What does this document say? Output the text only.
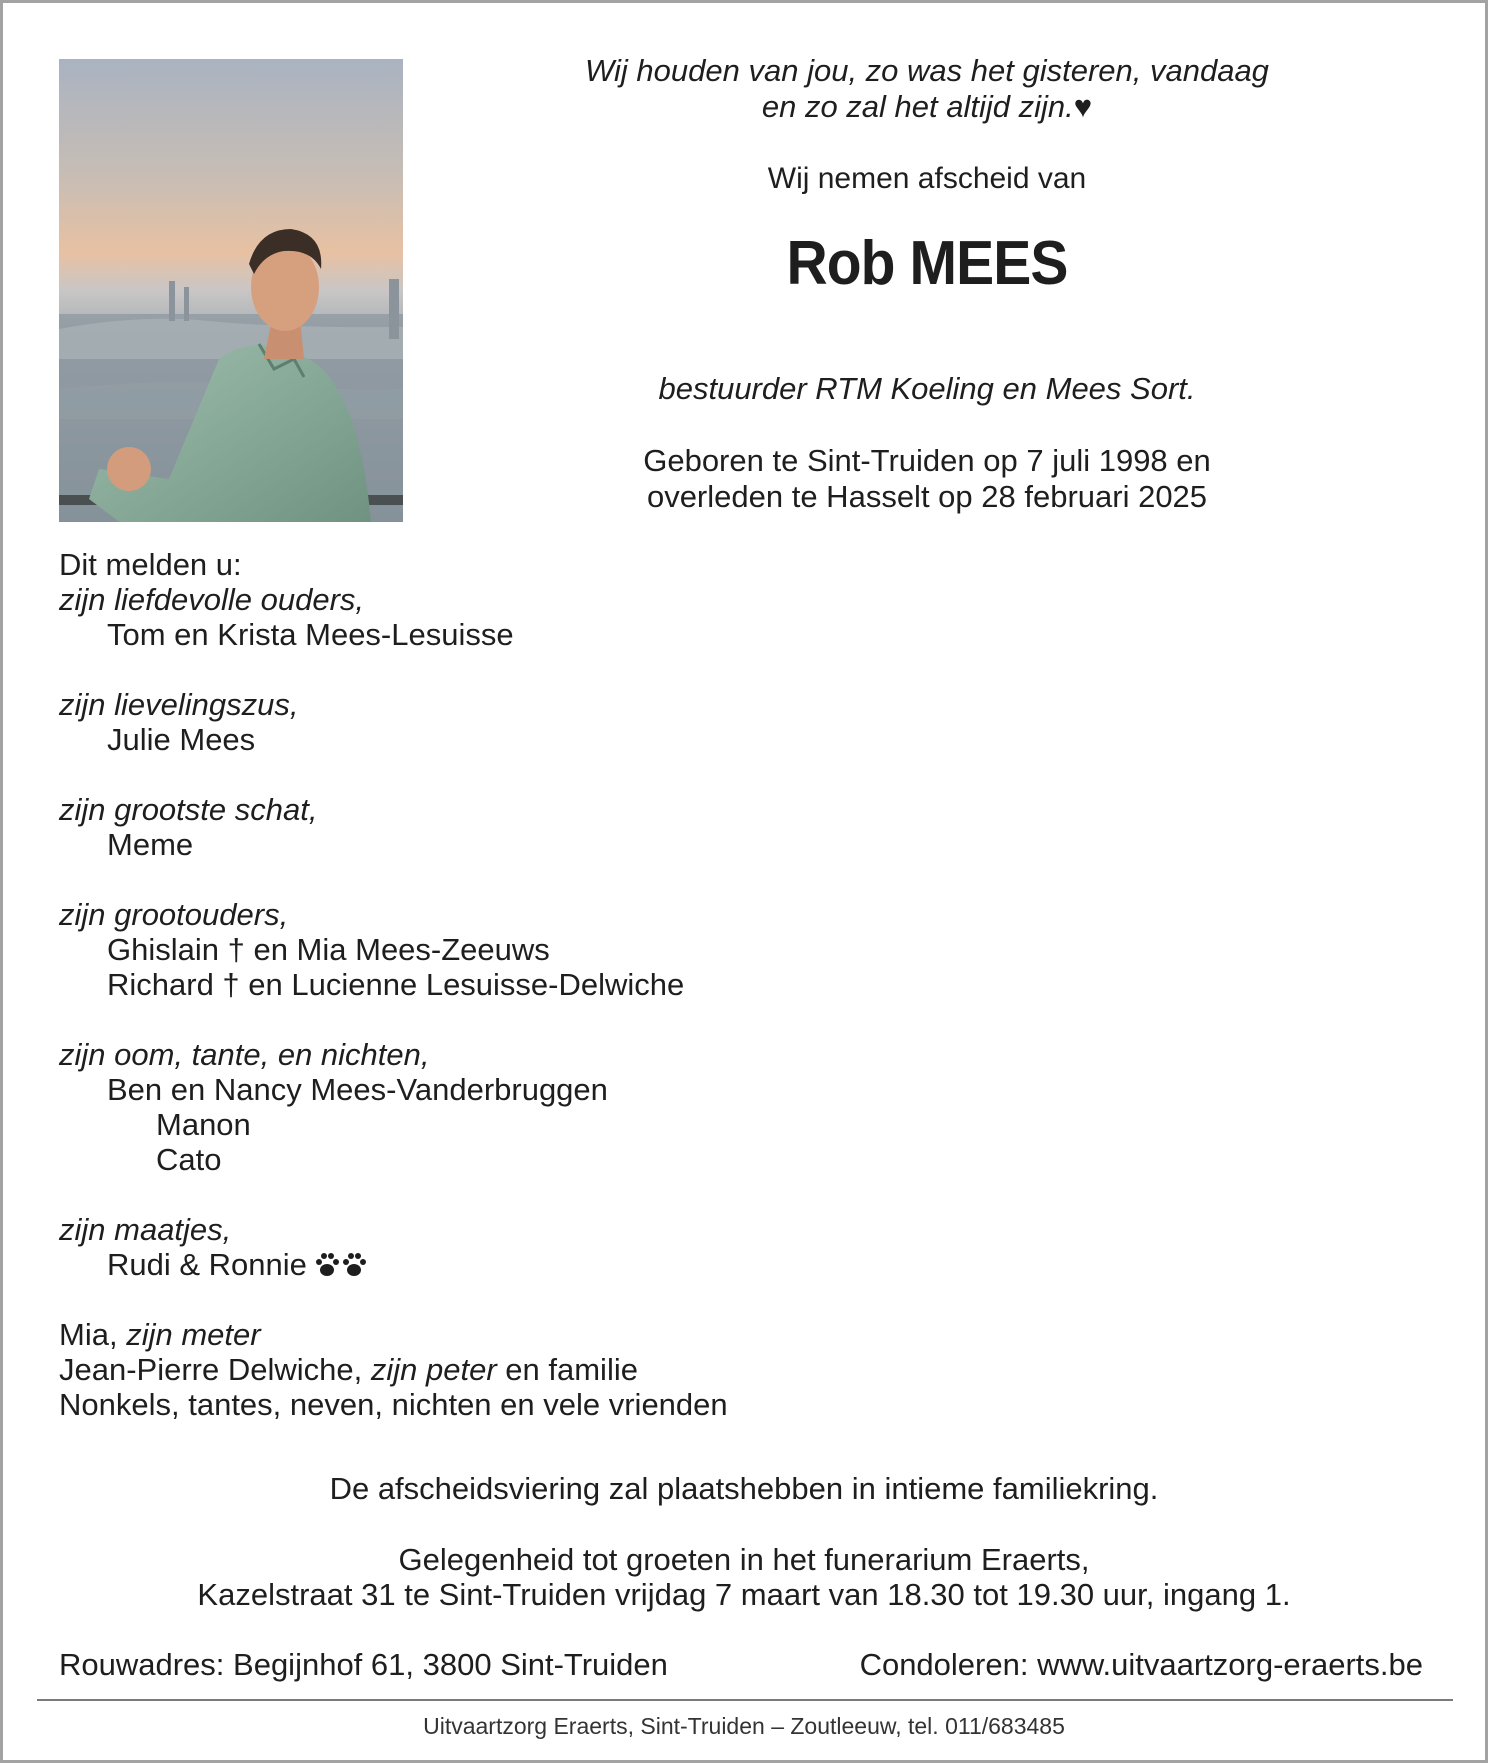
Wij houden van jou, zo was het gisteren, vandaag
en zo zal het altijd zijn.♥
Wij nemen afscheid van
Rob MEES
bestuurder RTM Koeling en Mees Sort.
Geboren te Sint-Truiden op 7 juli 1998 en
overleden te Hasselt op 28 februari 2025
Dit melden u:
zijn liefdevolle ouders,
Tom en Krista Mees-Lesuisse
zijn lievelingszus,
Julie Mees
zijn grootste schat,
Meme
zijn grootouders,
Ghislain † en Mia Mees-Zeeuws
Richard † en Lucienne Lesuisse-Delwiche
zijn oom, tante, en nichten,
Ben en Nancy Mees-Vanderbruggen
Manon
Cato
zijn maatjes,
Rudi & Ronnie
Mia, zijn meter
Jean-Pierre Delwiche, zijn peter en familie
Nonkels, tantes, neven, nichten en vele vrienden
De afscheidsviering zal plaatshebben in intieme familiekring.
Gelegenheid tot groeten in het funerarium Eraerts,
Kazelstraat 31 te Sint-Truiden vrijdag 7 maart van 18.30 tot 19.30 uur, ingang 1.
Rouwadres: Begijnhof 61, 3800 Sint-Truiden	Condoleren: www.uitvaartzorg-eraerts.be
Uitvaartzorg Eraerts, Sint-Truiden – Zoutleeuw, tel. 011/683485
